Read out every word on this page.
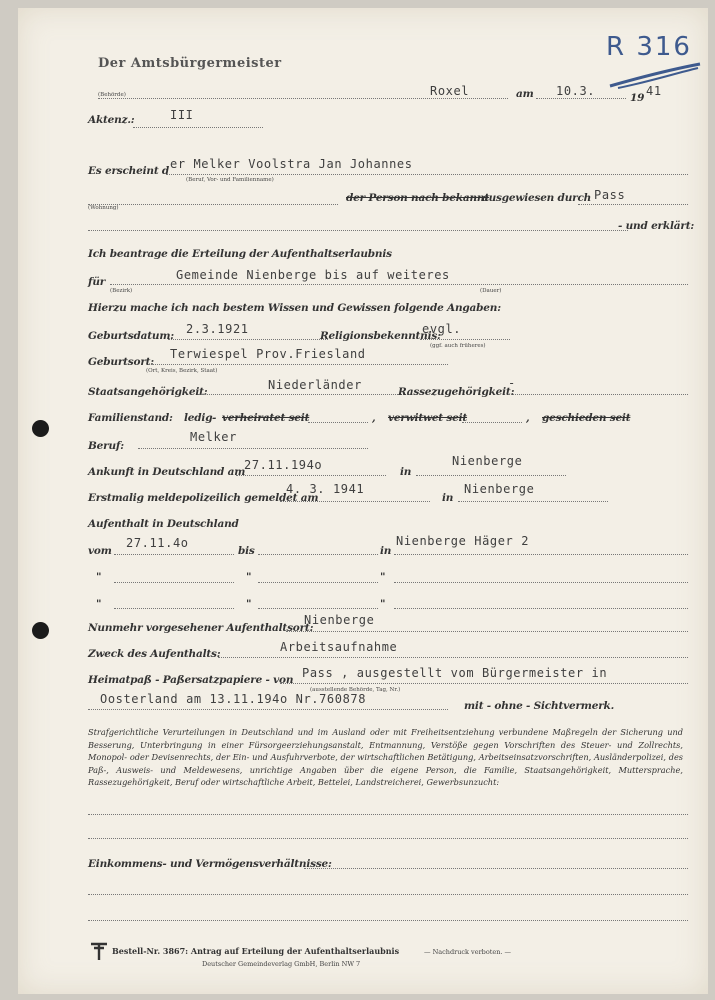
R 316
Der Amtsbürgermeister
(Behörde)	Roxel	am 10.3.	19 41
Aktenz.:	III
Es erscheint d er Melker Voolstra Jan Johannes
(Beruf, Vor- und Familienname)
(Wohnung)
der Person nach bekannt
ausgewiesen durch Pass
- und erklärt:
Ich beantrage die Erteilung der Aufenthaltserlaubnis
für	Gemeinde Nienberge bis auf weiteres
(Bezirk)	(Dauer)
Hierzu mache ich nach bestem Wissen und Gewissen folgende Angaben:
Geburtsdatum: 2.3.1921	Religionsbekenntnis:
evgl.
(ggf. auch früheres)
Geburtsort:
Terwiespel Prov.Friesland
(Ort, Kreis, Bezirk, Staat)
Staatsangehörigkeit:	Niederländer	Rassezugehörigkeit:
-
Familienstand: ledig - verheiratet seit	, verwitwet seit	, geschieden seit
Beruf:
Melker
Ankunft in Deutschland am
27.11.194o	in
Nienberge
Erstmalig meldepolizeilich gemeldet am
4. 3. 1941
in
Nienberge
Aufenthalt in Deutschland
vom
27.11.4o
bis	in
Nienberge Häger 2
"	"	"
"	"	"
Nunmehr vorgesehener Aufenthaltsort:
Nienberge
Zweck des Aufenthalts:	Arbeitsaufnahme
Heimatpaß - Paßersatzpapiere - von Pass , ausgestellt vom Bürgermeister in
(ausstellende Behörde, Tag, Nr.)
Oosterland am 13.11.194o Nr.760878	mit - ohne - Sichtvermerk.
Strafgerichtliche Verurteilungen in Deutschland und im Ausland oder mit Freiheitsentziehung verbundene Maßregeln der Sicherung und Besserung, Unterbringung in einer Fürsorgeerziehungsanstalt, Entmannung, Verstöße gegen Vorschriften des Steuer- und Zollrechts, Monopol- oder Devisenrechts, der Ein- und Ausfuhrverbote, der wirtschaftlichen Betätigung, Arbeitseinsatzvorschriften, Ausländerpolizei, des Paß-, Ausweis- und Meldewesens, unrichtige Angaben über die eigene Person, die Familie, Staatsangehörigkeit, Muttersprache, Rassezugehörigkeit, Beruf oder wirtschaftliche Arbeit, Bettelei, Landstreicherei, Gewerbsunzucht:
Einkommens- und Vermögensverhältnisse:
Bestell-Nr. 3867: Antrag auf Erteilung der Aufenthaltserlaubnis	— Nachdruck verboten. —
Deutscher Gemeindeverlag GmbH, Berlin NW 7
